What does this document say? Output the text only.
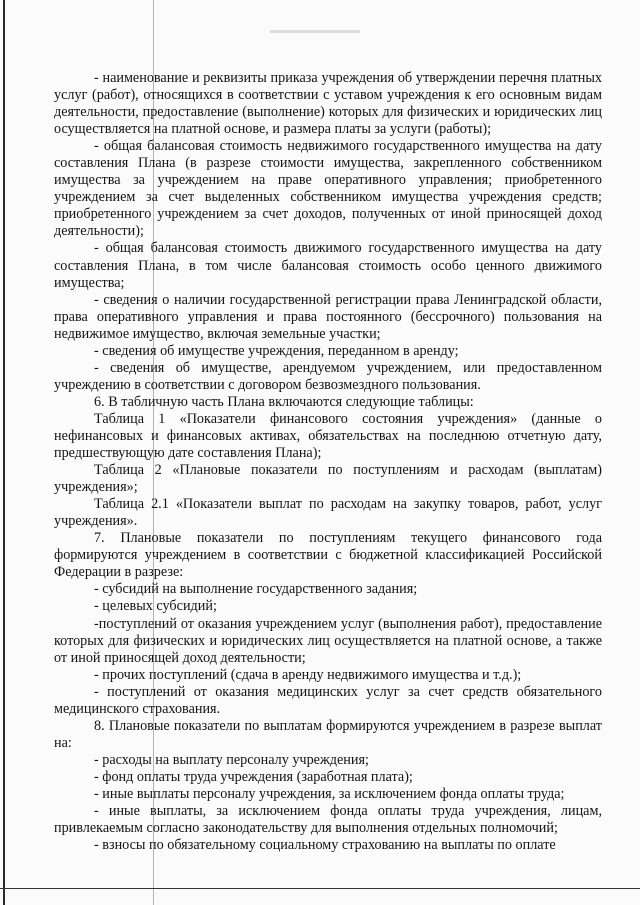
- наименование и реквизиты приказа учреждения об утверждении перечня платных услуг (работ), относящихся в соответствии с уставом учреждения к его основным видам деятельности, предоставление (выполнение) которых для физических и юридических лиц осуществляется на платной основе, и размера платы за услуги (работы);

- общая балансовая стоимость недвижимого государственного имущества на дату составления Плана (в разрезе стоимости имущества, закрепленного собственником имущества за учреждением на праве оперативного управления; приобретенного учреждением за счет выделенных собственником имущества учреждения средств; приобретенного учреждением за счет доходов, полученных от иной приносящей доход деятельности);

- общая балансовая стоимость движимого государственного имущества на дату составления Плана, в том числе балансовая стоимость особо ценного движимого имущества;

- сведения о наличии государственной регистрации права Ленинградской области, права оперативного управления и права постоянного (бессрочного) пользования на недвижимое имущество, включая земельные участки;

- сведения об имуществе учреждения, переданном в аренду;

- сведения об имуществе, арендуемом учреждением, или предоставленном учреждению в соответствии с договором безвозмездного пользования.

6. В табличную часть Плана включаются следующие таблицы:

Таблица 1 «Показатели финансового состояния учреждения» (данные о нефинансовых и финансовых активах, обязательствах на последнюю отчетную дату, предшествующую дате составления Плана);

Таблица 2 «Плановые показатели по поступлениям и расходам (выплатам) учреждения»;

Таблица 2.1 «Показатели выплат по расходам на закупку товаров, работ, услуг учреждения».

7. Плановые показатели по поступлениям текущего финансового года формируются учреждением в соответствии с бюджетной классификацией Российской Федерации в разрезе:

- субсидий на выполнение государственного задания;

- целевых субсидий;

-поступлений от оказания учреждением услуг (выполнения работ), предоставление которых для физических и юридических лиц осуществляется на платной основе, а также от иной приносящей доход деятельности;

- прочих поступлений (сдача в аренду недвижимого имущества и т.д.);

- поступлений от оказания медицинских услуг за счет средств обязательного медицинского страхования.

8. Плановые показатели по выплатам формируются учреждением в разрезе выплат на:

- расходы на выплату персоналу учреждения;

- фонд оплаты труда учреждения (заработная плата);

- иные выплаты персоналу учреждения, за исключением фонда оплаты труда;

- иные выплаты, за исключением фонда оплаты труда учреждения, лицам, привлекаемым согласно законодательству для выполнения отдельных полномочий;

- взносы по обязательному социальному страхованию на выплаты по оплате
